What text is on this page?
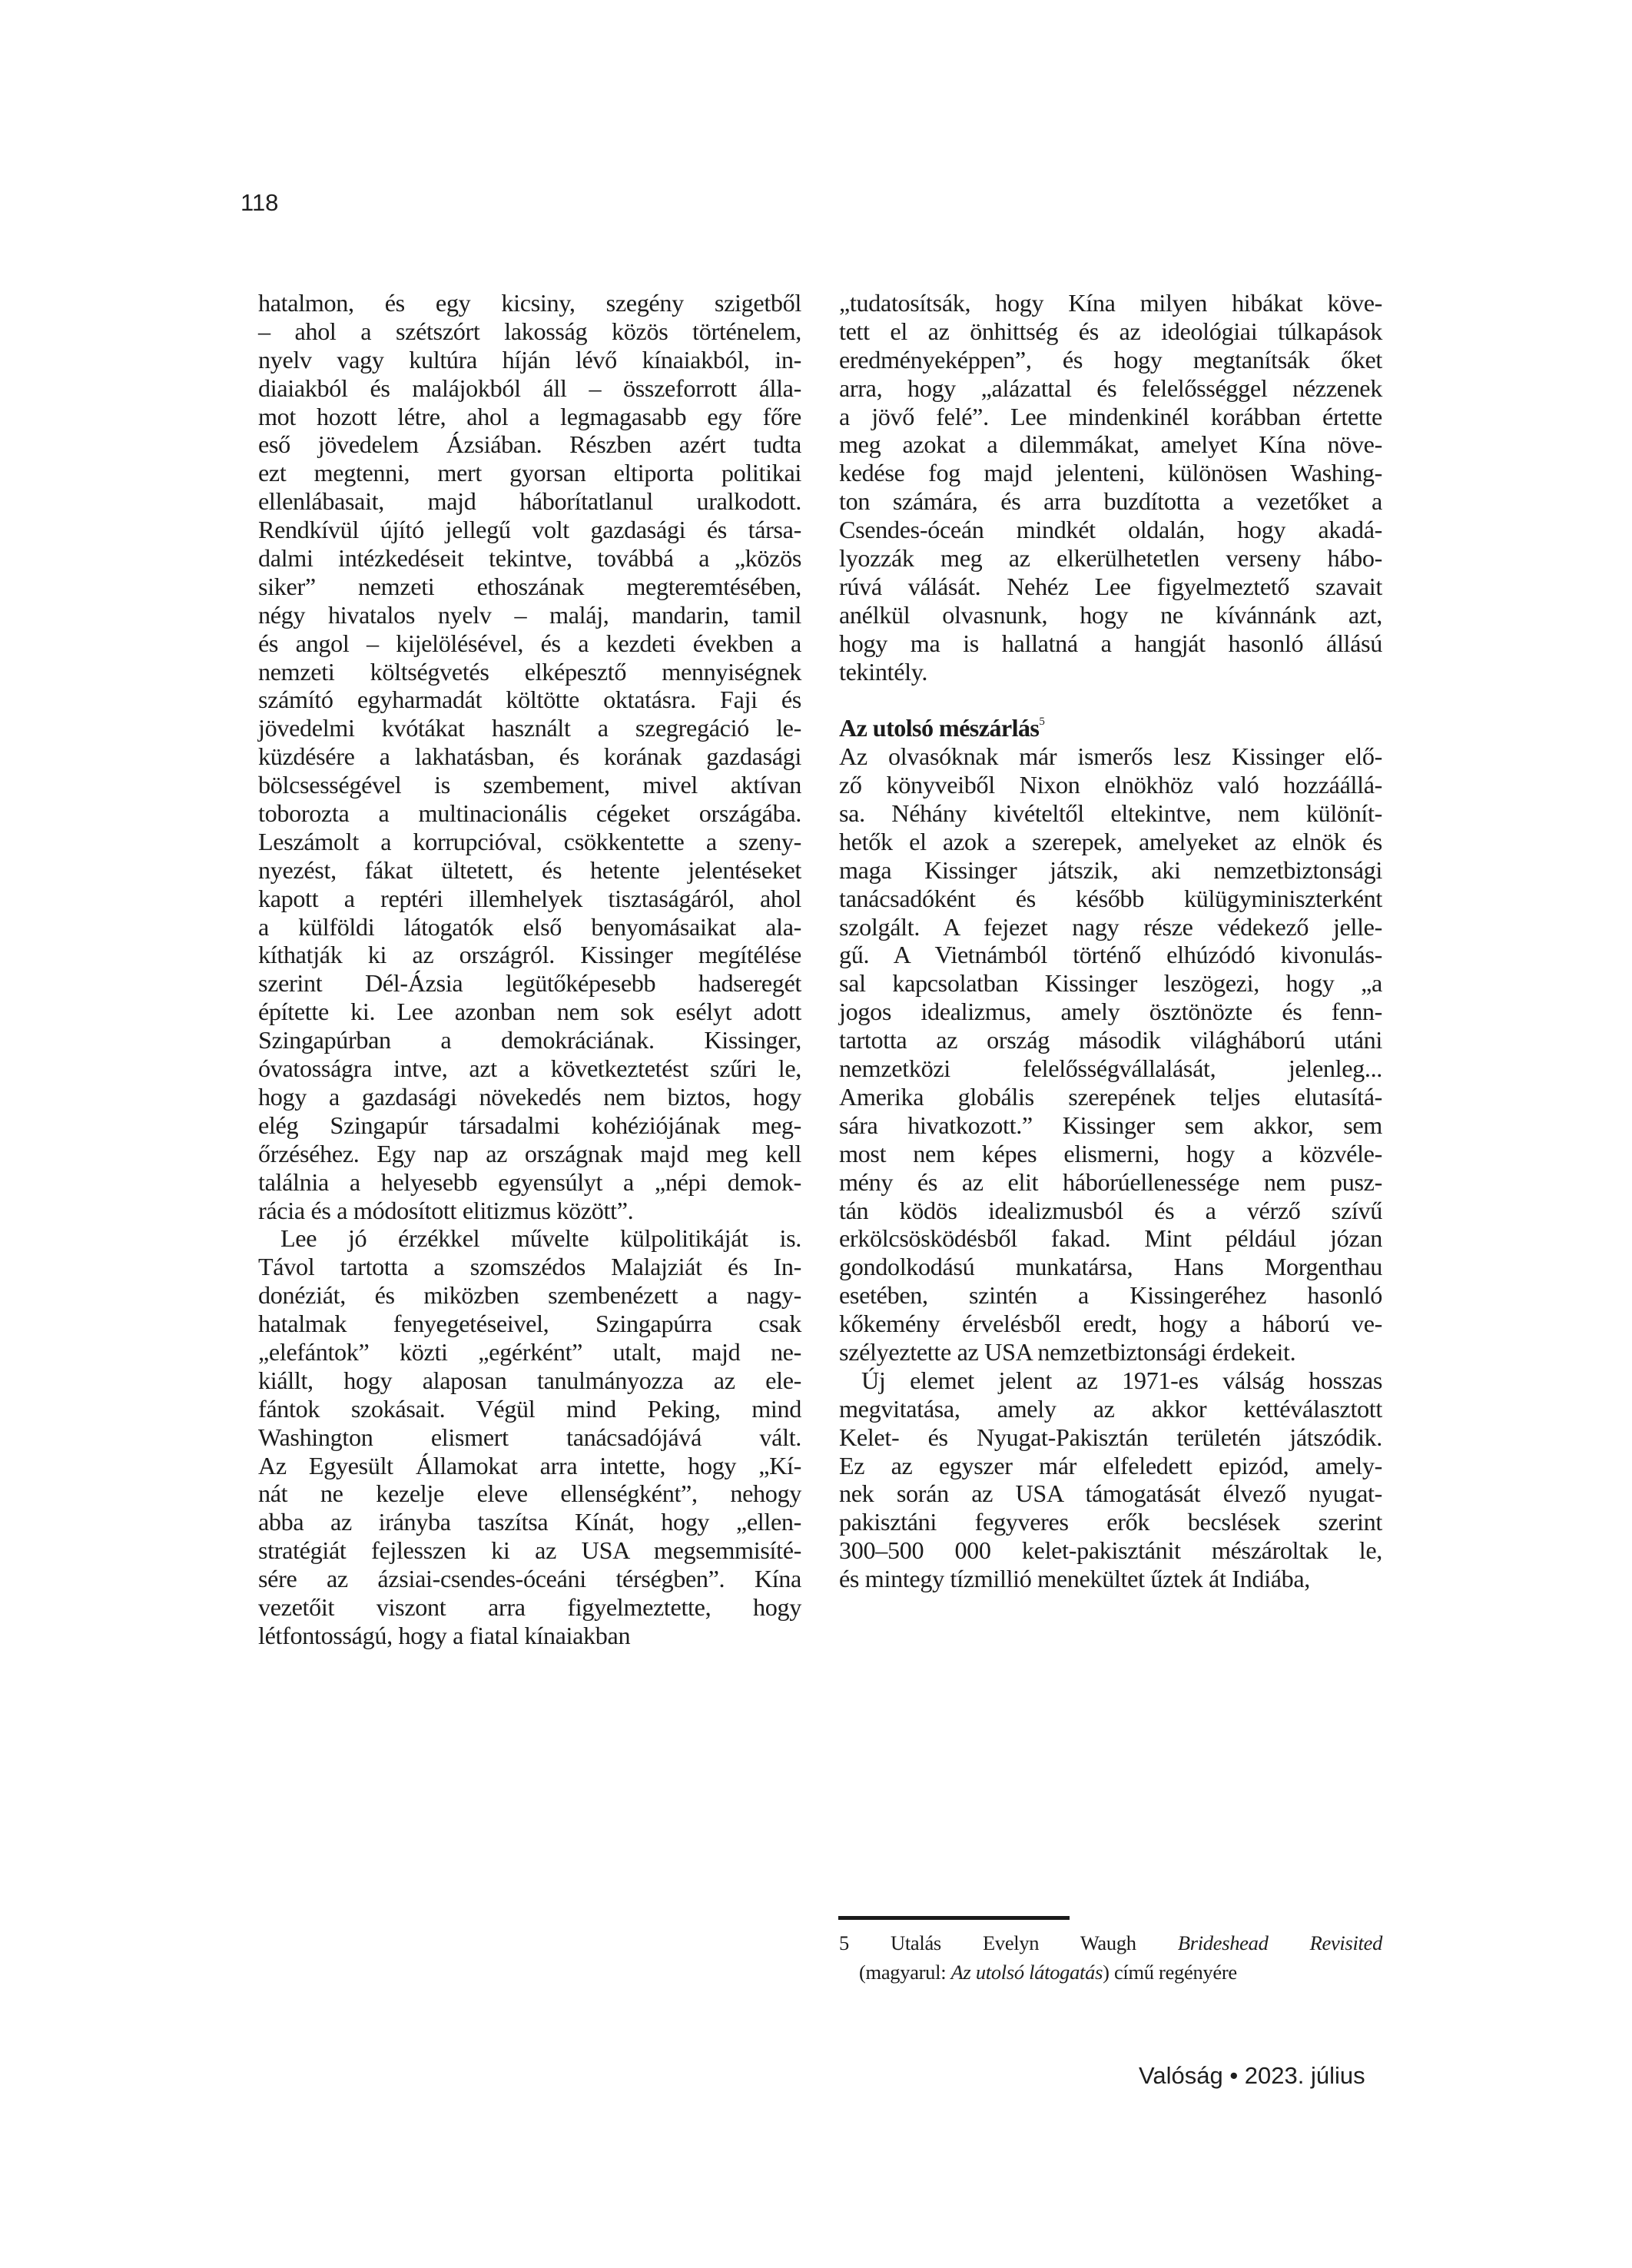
118
hatalmon, és egy kicsiny, szegény szigetből
– ahol a szétszórt lakosság közös történelem,
nyelv vagy kultúra híján lévő kínaiakból, in-
diaiakból és malájokból áll – összeforrott álla-
mot hozott létre, ahol a legmagasabb egy főre
eső jövedelem Ázsiában. Részben azért tudta
ezt megtenni, mert gyorsan eltiporta politikai
ellenlábasait, majd háborítatlanul uralkodott.
Rendkívül újító jellegű volt gazdasági és társa-
dalmi intézkedéseit tekintve, továbbá a „közös
siker” nemzeti ethoszának megteremtésében,
négy hivatalos nyelv – maláj, mandarin, tamil
és angol – kijelölésével, és a kezdeti években a
nemzeti költségvetés elképesztő mennyiségnek
számító egyharmadát költötte oktatásra. Faji és
jövedelmi kvótákat használt a szegregáció le-
küzdésére a lakhatásban, és korának gazdasági
bölcsességével is szembement, mivel aktívan
toborozta a multinacionális cégeket országába.
Leszámolt a korrupcióval, csökkentette a szeny-
nyezést, fákat ültetett, és hetente jelentéseket
kapott a reptéri illemhelyek tisztaságáról, ahol
a külföldi látogatók első benyomásaikat ala-
kíthatják ki az országról. Kissinger megítélése
szerint Dél-Ázsia legütőképesebb hadseregét
építette ki. Lee azonban nem sok esélyt adott
Szingapúrban a demokráciának. Kissinger,
óvatosságra intve, azt a következtetést szűri le,
hogy a gazdasági növekedés nem biztos, hogy
elég Szingapúr társadalmi kohéziójának meg-
őrzéséhez. Egy nap az országnak majd meg kell
találnia a helyesebb egyensúlyt a „népi demok-
rácia és a módosított elitizmus között”.
Lee jó érzékkel művelte külpolitikáját is.
Távol tartotta a szomszédos Malajziát és In-
donéziát, és miközben szembenézett a nagy-
hatalmak fenyegetéseivel, Szingapúrra csak
„elefántok” közti „egérként” utalt, majd ne-
kiállt, hogy alaposan tanulmányozza az ele-
fántok szokásait. Végül mind Peking, mind
Washington elismert tanácsadójává vált.
Az Egyesült Államokat arra intette, hogy „Kí-
nát ne kezelje eleve ellenségként”, nehogy
abba az irányba taszítsa Kínát, hogy „ellen-
stratégiát fejlesszen ki az USA megsemmisíté-
sére az ázsiai-csendes-óceáni térségben”. Kína
vezetőit viszont arra figyelmeztette, hogy
létfontosságú, hogy a fiatal kínaiakban
„tudatosítsák, hogy Kína milyen hibákat köve-
tett el az önhittség és az ideológiai túlkapások
eredményeképpen”, és hogy megtanítsák őket
arra, hogy „alázattal és felelősséggel nézzenek
a jövő felé”. Lee mindenkinél korábban értette
meg azokat a dilemmákat, amelyet Kína növe-
kedése fog majd jelenteni, különösen Washing-
ton számára, és arra buzdította a vezetőket a
Csendes-óceán mindkét oldalán, hogy akadá-
lyozzák meg az elkerülhetetlen verseny hábo-
rúvá válását. Nehéz Lee figyelmeztető szavait
anélkül olvasnunk, hogy ne kívánnánk azt,
hogy ma is hallatná a hangját hasonló állású
tekintély.
Az utolsó mészárlás$^5$
Az olvasóknak már ismerős lesz Kissinger elő-
ző könyveiből Nixon elnökhöz való hozzáállá-
sa. Néhány kivételtől eltekintve, nem különít-
hetők el azok a szerepek, amelyeket az elnök és
maga Kissinger játszik, aki nemzetbiztonsági
tanácsadóként és később külügyminiszterként
szolgált. A fejezet nagy része védekező jelle-
gű. A Vietnámból történő elhúzódó kivonulás-
sal kapcsolatban Kissinger leszögezi, hogy „a
jogos idealizmus, amely ösztönözte és fenn-
tartotta az ország második világháború utáni
nemzetközi felelősségvállalását, jelenleg...
Amerika globális szerepének teljes elutasítá-
sára hivatkozott.” Kissinger sem akkor, sem
most nem képes elismerni, hogy a közvéle-
mény és az elit háborúellenessége nem pusz-
tán ködös idealizmusból és a vérző szívű
erkölcsösködésből fakad. Mint például józan
gondolkodású munkatársa, Hans Morgenthau
esetében, szintén a Kissingeréhez hasonló
kőkemény érvelésből eredt, hogy a háború ve-
szélyeztette az USA nemzetbiztonsági érdekeit.
Új elemet jelent az 1971-es válság hosszas
megvitatása, amely az akkor kettéválasztott
Kelet- és Nyugat-Pakisztán területén játszódik.
Ez az egyszer már elfeledett epizód, amely-
nek során az USA támogatását élvező nyugat-
pakisztáni fegyveres erők becslések szerint
300–500 000 kelet-pakisztánit mészároltak le,
és mintegy tízmillió menekültet űztek át Indiába,
5 Utalás Evelyn Waugh Brideshead Revisited
(magyarul: Az utolsó látogatás) című regényére
Valóság • 2023. július
